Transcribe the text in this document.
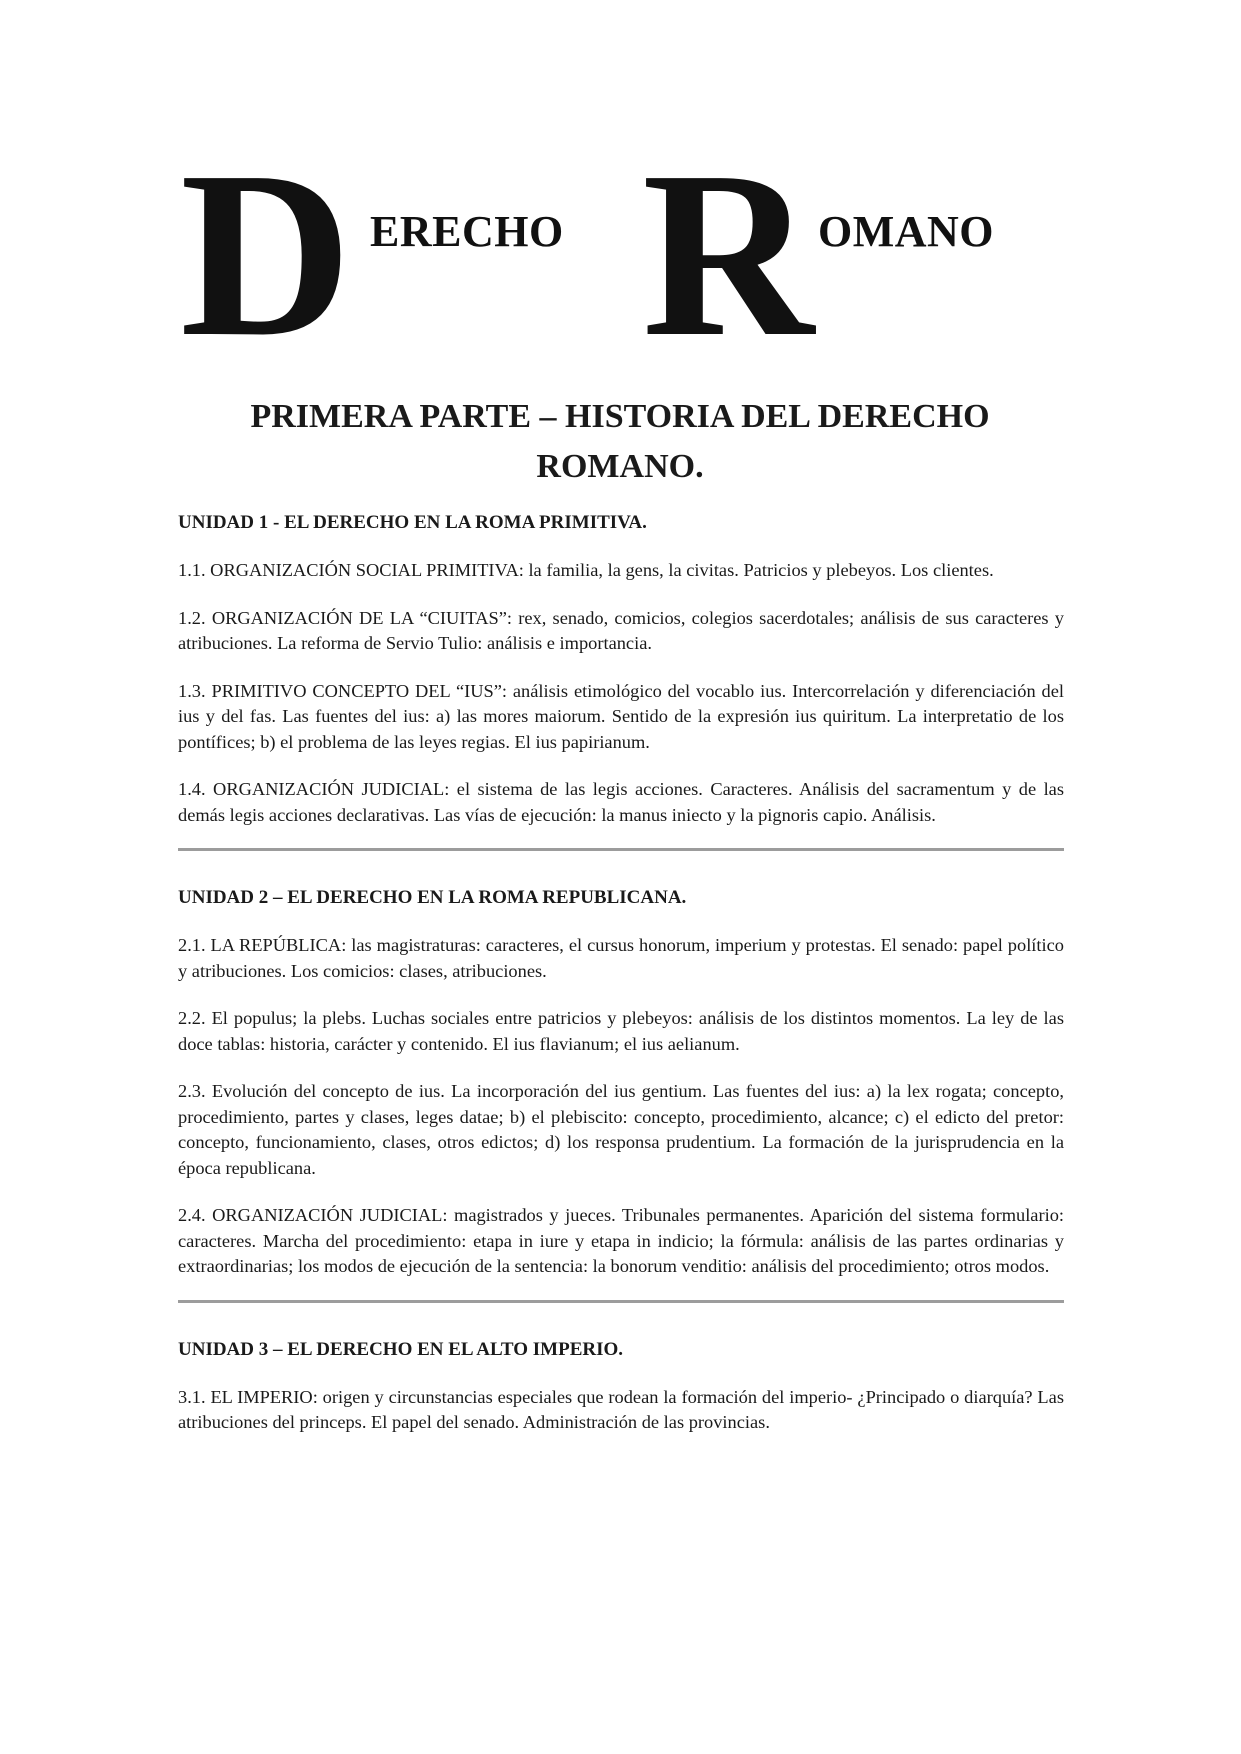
D ERECHO R OMANO
PRIMERA PARTE – HISTORIA DEL DERECHO ROMANO.
UNIDAD 1 - EL DERECHO EN LA ROMA PRIMITIVA.

1.1. ORGANIZACIÓN SOCIAL PRIMITIVA: la familia, la gens, la civitas. Patricios y plebeyos. Los clientes.

1.2. ORGANIZACIÓN DE LA “CIUITAS”: rex, senado, comicios, colegios sacerdotales; análisis de sus caracteres y atribuciones. La reforma de Servio Tulio: análisis e importancia.

1.3. PRIMITIVO CONCEPTO DEL “IUS”: análisis etimológico del vocablo ius. Intercorrelación y diferenciación del ius y del fas. Las fuentes del ius: a) las mores maiorum. Sentido de la expresión ius quiritum. La interpretatio de los pontífices; b) el problema de las leyes regias. El ius papirianum.

1.4. ORGANIZACIÓN JUDICIAL: el sistema de las legis acciones. Caracteres. Análisis del sacramentum y de las demás legis acciones declarativas. Las vías de ejecución: la manus iniecto y la pignoris capio. Análisis.

UNIDAD 2 – EL DERECHO EN LA ROMA REPUBLICANA.

2.1. LA REPÚBLICA: las magistraturas: caracteres, el cursus honorum, imperium y protestas. El senado: papel político y atribuciones. Los comicios: clases, atribuciones.

2.2. El populus; la plebs. Luchas sociales entre patricios y plebeyos: análisis de los distintos momentos. La ley de las doce tablas: historia, carácter y contenido. El ius flavianum; el ius aelianum.

2.3. Evolución del concepto de ius. La incorporación del ius gentium. Las fuentes del ius: a) la lex rogata; concepto, procedimiento, partes y clases, leges datae; b) el plebiscito: concepto, procedimiento, alcance; c) el edicto del pretor: concepto, funcionamiento, clases, otros edictos; d) los responsa prudentium. La formación de la jurisprudencia en la época republicana.

2.4. ORGANIZACIÓN JUDICIAL: magistrados y jueces. Tribunales permanentes. Aparición del sistema formulario: caracteres. Marcha del procedimiento: etapa in iure y etapa in indicio; la fórmula: análisis de las partes ordinarias y extraordinarias; los modos de ejecución de la sentencia: la bonorum venditio: análisis del procedimiento; otros modos.

UNIDAD 3 – EL DERECHO EN EL ALTO IMPERIO.

3.1. EL IMPERIO: origen y circunstancias especiales que rodean la formación del imperio- ¿Principado o diarquía? Las atribuciones del princeps. El papel del senado. Administración de las provincias.
